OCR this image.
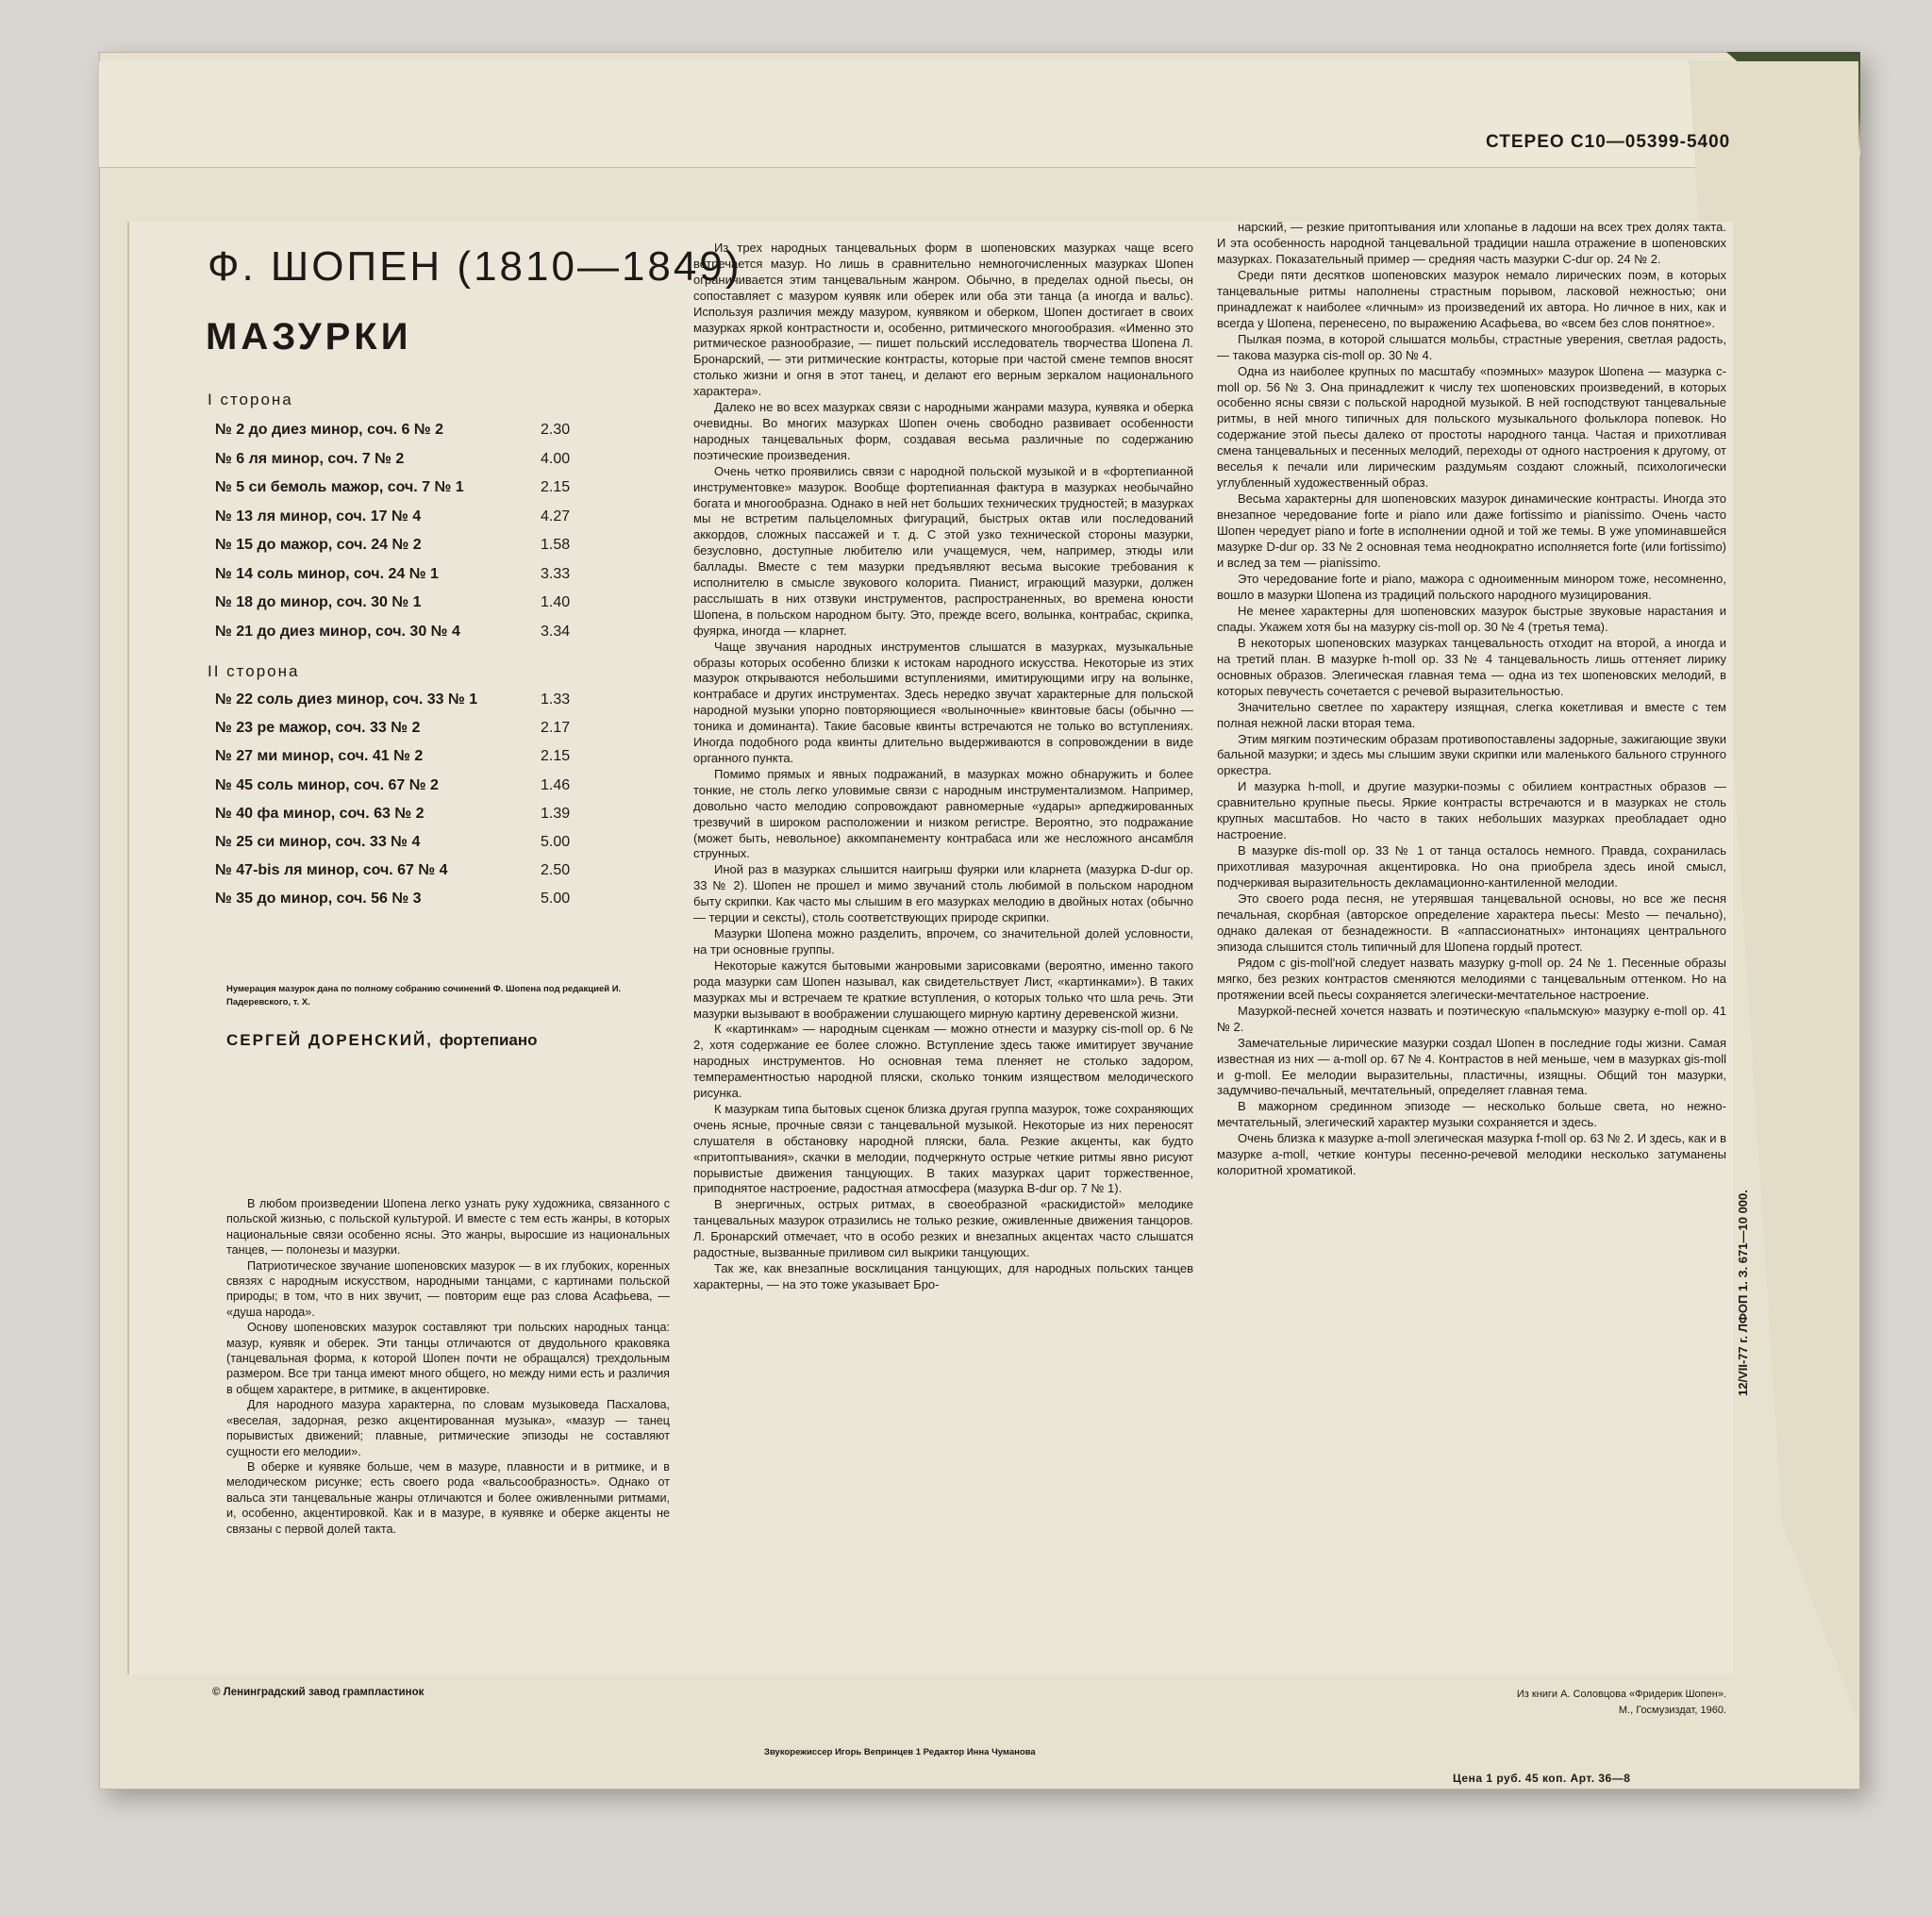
СТЕРЕО С10—05399-5400
Ф. ШОПЕН (1810—1849)
МАЗУРКИ
I сторона
№ 2 до диез минор, соч. 6 № 2	2.30
№ 6 ля минор, соч. 7 № 2	4.00
№ 5 си бемоль мажор, соч. 7 № 1	2.15
№ 13 ля минор, соч. 17 № 4	4.27
№ 15 до мажор, соч. 24 № 2	1.58
№ 14 соль минор, соч. 24 № 1	3.33
№ 18 до минор, соч. 30 № 1	1.40
№ 21 до диез минор, соч. 30 № 4	3.34
II сторона
№ 22 соль диез минор, соч. 33 № 1	1.33
№ 23 ре мажор, соч. 33 № 2	2.17
№ 27 ми минор, соч. 41 № 2	2.15
№ 45 соль минор, соч. 67 № 2	1.46
№ 40 фа минор, соч. 63 № 2	1.39
№ 25 си минор, соч. 33 № 4	5.00
№ 47-bis ля минор, соч. 67 № 4	2.50
№ 35 до минор, соч. 56 № 3	5.00
Нумерация мазурок дана по полному собранию сочинений Ф. Шопена под редакцией И. Падеревского, т. X.
СЕРГЕЙ ДОРЕНСКИЙ, фортепиано

В любом произведении Шопена легко узнать руку художника, связанного с польской жизнью, с польской культурой. И вместе с тем есть жанры, в которых национальные связи особенно ясны. Это жанры, выросшие из национальных танцев, — полонезы и мазурки.

Патриотическое звучание шопеновских мазурок — в их глубоких, коренных связях с народным искусством, народными танцами, с картинами польской природы; в том, что в них звучит, — повторим еще раз слова Асафьева, — «душа народа».

Основу шопеновских мазурок составляют три польских народных танца: мазур, куявяк и оберек. Эти танцы отличаются от двудольного краковяка (танцевальная форма, к которой Шопен почти не обращался) трехдольным размером. Все три танца имеют много общего, но между ними есть и различия в общем характере, в ритмике, в акцентировке.

Для народного мазура характерна, по словам музыковеда Пасхалова, «веселая, задорная, резко акцентированная музыка», «мазур — танец порывистых движений; плавные, ритмические эпизоды не составляют сущности его мелодии».

В оберке и куявяке больше, чем в мазуре, плавности и в ритмике, и в мелодическом рисунке; есть своего рода «вальсообразность». Однако от вальса эти танцевальные жанры отличаются и более оживленными ритмами, и, особенно, акцентировкой. Как и в мазуре, в куявяке и оберке акценты не связаны с первой долей такта.

Из трех народных танцевальных форм в шопеновских мазурках чаще всего встречается мазур. Но лишь в сравнительно немногочисленных мазурках Шопен ограничивается этим танцевальным жанром. Обычно, в пределах одной пьесы, он сопоставляет с мазуром куявяк или оберек или оба эти танца (а иногда и вальс). Используя различия между мазуром, куявяком и оберком, Шопен достигает в своих мазурках яркой контрастности и, особенно, ритмического многообразия. «Именно это ритмическое разнообразие, — пишет польский исследователь творчества Шопена Л. Бронарский, — эти ритмические контрасты, которые при частой смене темпов вносят столько жизни и огня в этот танец, и делают его верным зеркалом национального характера».

Далеко не во всех мазурках связи с народными жанрами мазура, куявяка и оберка очевидны. Во многих мазурках Шопен очень свободно развивает особенности народных танцевальных форм, создавая весьма различные по содержанию поэтические произведения.

Очень четко проявились связи с народной польской музыкой и в «фортепианной инструментовке» мазурок. Вообще фортепианная фактура в мазурках необычайно богата и многообразна. Однако в ней нет больших технических трудностей; в мазурках мы не встретим пальцеломных фигураций, быстрых октав или последований аккордов, сложных пассажей и т. д. С этой узко технической стороны мазурки, безусловно, доступные любителю или учащемуся, чем, например, этюды или баллады. Вместе с тем мазурки предъявляют весьма высокие требования к исполнителю в смысле звукового колорита. Пианист, играющий мазурки, должен расслышать в них отзвуки инструментов, распространенных, во времена юности Шопена, в польском народном быту. Это, прежде всего, волынка, контрабас, скрипка, фуярка, иногда — кларнет.

Чаще звучания народных инструментов слышатся в мазурках, музыкальные образы которых особенно близки к истокам народного искусства. Некоторые из этих мазурок открываются небольшими вступлениями, имитирующими игру на волынке, контрабасе и других инструментах. Здесь нередко звучат характерные для польской народной музыки упорно повторяющиеся «волыночные» квинтовые басы (обычно — тоника и доминанта). Такие басовые квинты встречаются не только во вступлениях. Иногда подобного рода квинты длительно выдерживаются в сопровождении в виде органного пункта.

Помимо прямых и явных подражаний, в мазурках можно обнаружить и более тонкие, не столь легко уловимые связи с народным инструментализмом. Например, довольно часто мелодию сопровождают равномерные «удары» арпеджированных трезвучий в широком расположении и низком регистре. Вероятно, это подражание (может быть, невольное) аккомпанементу контрабаса или же несложного ансамбля струнных.

Иной раз в мазурках слышится наигрыш фуярки или кларнета (мазурка D-dur ор. 33 № 2). Шопен не прошел и мимо звучаний столь любимой в польском народном быту скрипки. Как часто мы слышим в его мазурках мелодию в двойных нотах (обычно — терции и сексты), столь соответствующих природе скрипки.

Мазурки Шопена можно разделить, впрочем, со значительной долей условности, на три основные группы.

Некоторые кажутся бытовыми жанровыми зарисовками (вероятно, именно такого рода мазурки сам Шопен называл, как свидетельствует Лист, «картинками»). В таких мазурках мы и встречаем те краткие вступления, о которых только что шла речь. Эти мазурки вызывают в воображении слушающего мирную картину деревенской жизни.

К «картинкам» — народным сценкам — можно отнести и мазурку cis-moll ор. 6 № 2, хотя содержание ее более сложно. Вступление здесь также имитирует звучание народных инструментов. Но основная тема пленяет не столько задором, темпераментностью народной пляски, сколько тонким изяществом мелодического рисунка.

К мазуркам типа бытовых сценок близка другая группа мазурок, тоже сохраняющих очень ясные, прочные связи с танцевальной музыкой. Некоторые из них переносят слушателя в обстановку народной пляски, бала. Резкие акценты, как будто «притоптывания», скачки в мелодии, подчеркнуто острые четкие ритмы явно рисуют порывистые движения танцующих. В таких мазурках царит торжественное, приподнятое настроение, радостная атмосфера (мазурка B-dur ор. 7 № 1).

В энергичных, острых ритмах, в своеобразной «раскидистой» мелодике танцевальных мазурок отразились не только резкие, оживленные движения танцоров. Л. Бронарский отмечает, что в особо резких и внезапных акцентах часто слышатся радостные, вызванные приливом сил выкрики танцующих.

Так же, как внезапные восклицания танцующих, для народных польских танцев характерны, — на это тоже указывает Бро-

нарский, — резкие притоптывания или хлопанье в ладоши на всех трех долях такта. И эта особенность народной танцевальной традиции нашла отражение в шопеновских мазурках. Показательный пример — средняя часть мазурки C-dur ор. 24 № 2.

Среди пяти десятков шопеновских мазурок немало лирических поэм, в которых танцевальные ритмы наполнены страстным порывом, ласковой нежностью; они принадлежат к наиболее «личным» из произведений их автора. Но личное в них, как и всегда у Шопена, перенесено, по выражению Асафьева, во «всем без слов понятное».

Пылкая поэма, в которой слышатся мольбы, страстные уверения, светлая радость, — такова мазурка cis-moll ор. 30 № 4.

Одна из наиболее крупных по масштабу «поэмных» мазурок Шопена — мазурка c-moll ор. 56 № 3. Она принадлежит к числу тех шопеновских произведений, в которых особенно ясны связи с польской народной музыкой. В ней господствуют танцевальные ритмы, в ней много типичных для польского музыкального фольклора попевок. Но содержание этой пьесы далеко от простоты народного танца. Частая и прихотливая смена танцевальных и песенных мелодий, переходы от одного настроения к другому, от веселья к печали или лирическим раздумьям создают сложный, психологически углубленный художественный образ.

Весьма характерны для шопеновских мазурок динамические контрасты. Иногда это внезапное чередование forte и piano или даже fortissimo и pianissimo. Очень часто Шопен чередует piano и forte в исполнении одной и той же темы. В уже упоминавшейся мазурке D-dur ор. 33 № 2 основная тема неоднократно исполняется forte (или fortissimo) и вслед за тем — pianissimo.

Это чередование forte и piano, мажора с одноименным минором тоже, несомненно, вошло в мазурки Шопена из традиций польского народного музицирования.

Не менее характерны для шопеновских мазурок быстрые звуковые нарастания и спады. Укажем хотя бы на мазурку cis-moll ор. 30 № 4 (третья тема).

В некоторых шопеновских мазурках танцевальность отходит на второй, а иногда и на третий план. В мазурке h-moll ор. 33 № 4 танцевальность лишь оттеняет лирику основных образов. Элегическая главная тема — одна из тех шопеновских мелодий, в которых певучесть сочетается с речевой выразительностью.

Значительно светлее по характеру изящная, слегка кокетливая и вместе с тем полная нежной ласки вторая тема.

Этим мягким поэтическим образам противопоставлены задорные, зажигающие звуки бальной мазурки; и здесь мы слышим звуки скрипки или маленького бального струнного оркестра.

И мазурка h-moll, и другие мазурки-поэмы с обилием контрастных образов — сравнительно крупные пьесы. Яркие контрасты встречаются и в мазурках не столь крупных масштабов. Но часто в таких небольших мазурках преобладает одно настроение.

В мазурке dis-moll ор. 33 № 1 от танца осталось немного. Правда, сохранилась прихотливая мазурочная акцентировка. Но она приобрела здесь иной смысл, подчеркивая выразительность декламационно-кантиленной мелодии.

Это своего рода песня, не утерявшая танцевальной основы, но все же песня печальная, скорбная (авторское определение характера пьесы: Mesto — печально), однако далекая от безнадежности. В «аппассионатных» интонациях центрального эпизода слышится столь типичный для Шопена гордый протест.

Рядом с gis-moll'ной следует назвать мазурку g-moll ор. 24 № 1. Песенные образы мягко, без резких контрастов сменяются мелодиями с танцевальным оттенком. Но на протяжении всей пьесы сохраняется элегически-мечтательное настроение.

Мазуркой-песней хочется назвать и поэтическую «пальмскую» мазурку e-moll ор. 41 № 2.

Замечательные лирические мазурки создал Шопен в последние годы жизни. Самая известная из них — a-moll ор. 67 № 4. Контрастов в ней меньше, чем в мазурках gis-moll и g-moll. Ее мелодии выразительны, пластичны, изящны. Общий тон мазурки, задумчиво-печальный, мечтательный, определяет главная тема.

В мажорном срединном эпизоде — несколько больше света, но нежно-мечтательный, элегический характер музыки сохраняется и здесь.

Очень близка к мазурке a-moll элегическая мазурка f-moll ор. 63 № 2. И здесь, как и в мазурке a-moll, четкие контуры песенно-речевой мелодики несколько затуманены колоритной хроматикой.

Из книги А. Соловцова «Фридерик Шопен».
М., Госмузиздат, 1960.
12/VII-77 г. ЛФОП 1. З. 671—10 000.
© Ленинградский завод грампластинок
Звукорежиссер Игорь Вепринцев 1 Редактор Инна Чуманова
Цена 1 руб. 45 коп. Арт. 36—8
